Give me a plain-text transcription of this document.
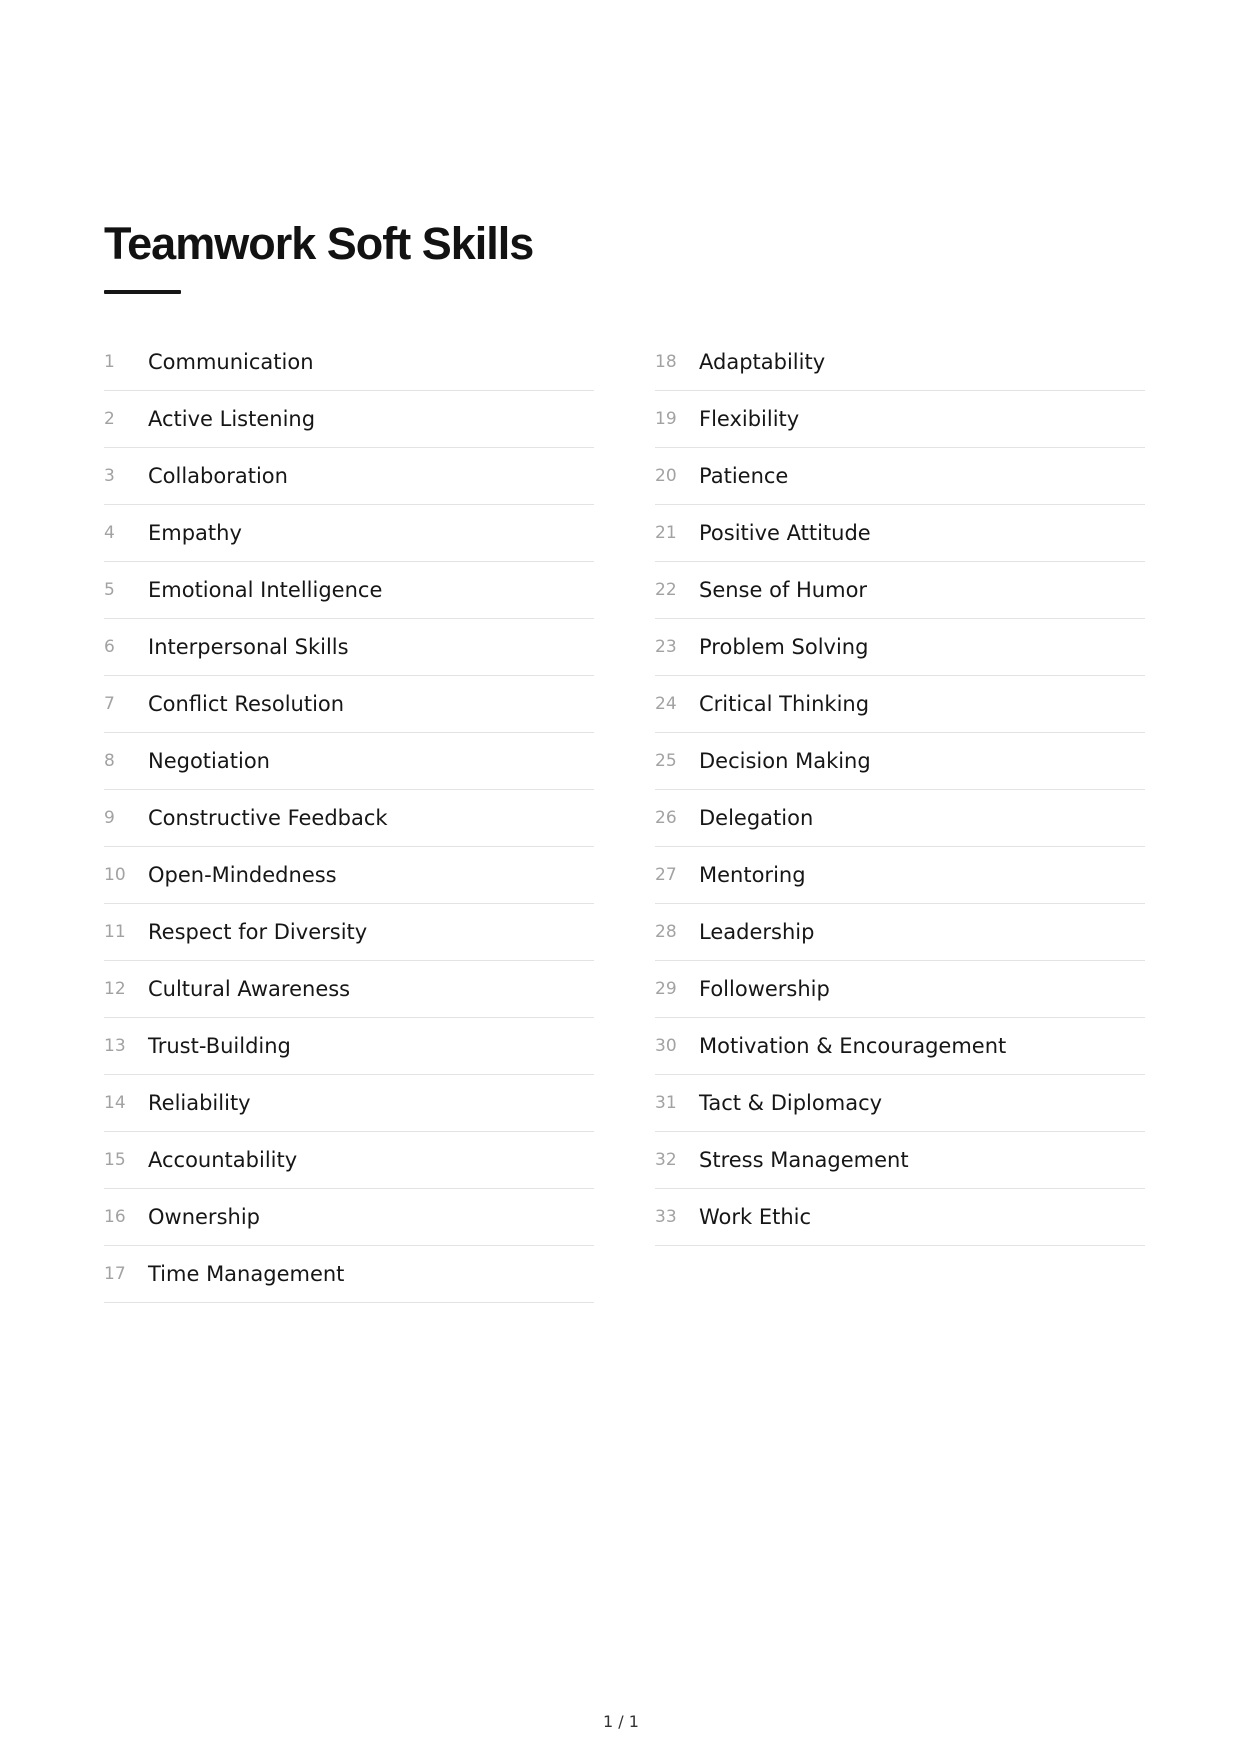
Teamwork Soft Skills
1	Communication
2	Active Listening
3	Collaboration
4	Empathy
5	Emotional Intelligence
6	Interpersonal Skills
7	Conflict Resolution
8	Negotiation
9	Constructive Feedback
10	Open-Mindedness
11	Respect for Diversity
12	Cultural Awareness
13	Trust-Building
14	Reliability
15	Accountability
16	Ownership
17	Time Management
18	Adaptability
19	Flexibility
20	Patience
21	Positive Attitude
22	Sense of Humor
23	Problem Solving
24	Critical Thinking
25	Decision Making
26	Delegation
27	Mentoring
28	Leadership
29	Followership
30	Motivation & Encouragement
31	Tact & Diplomacy
32	Stress Management
33	Work Ethic
1 / 1
